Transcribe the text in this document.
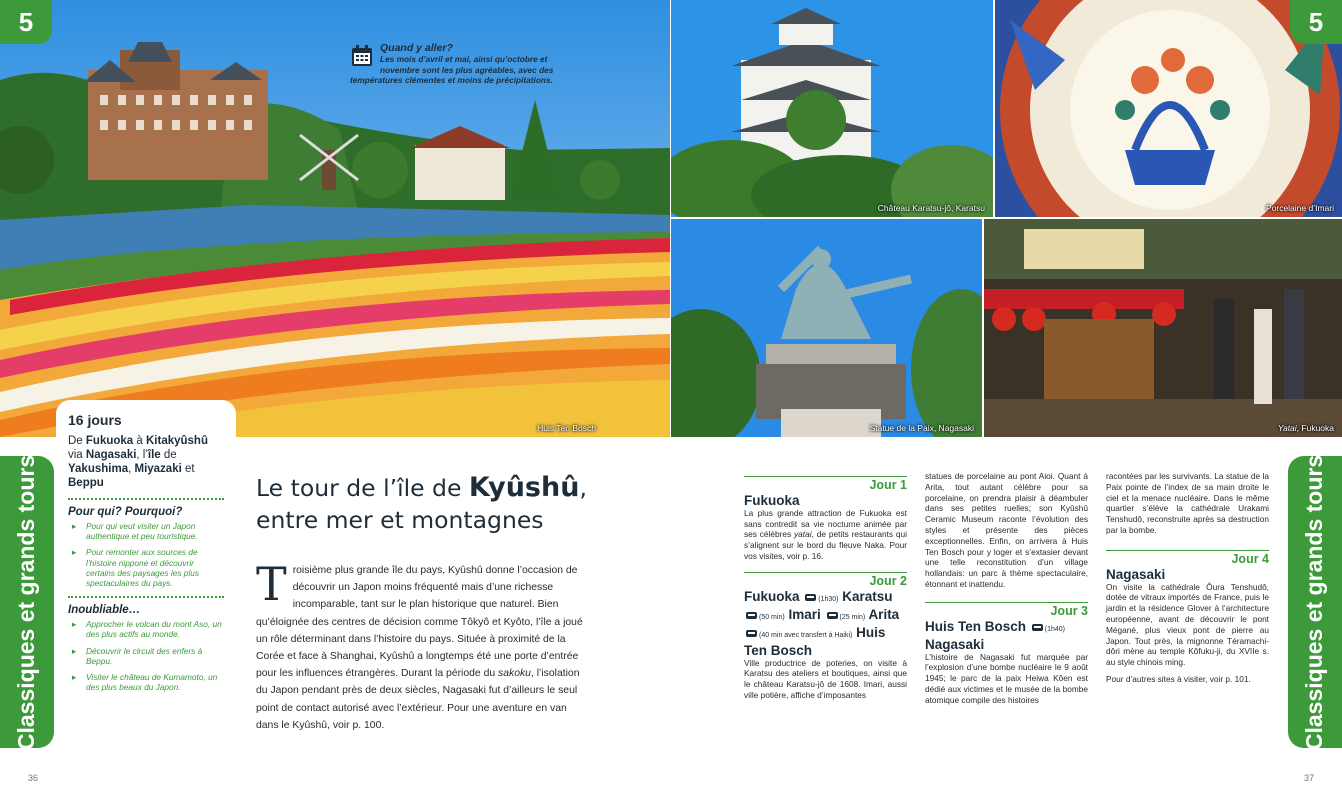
Huis Ten Bosch
Château Karatsu-jô, Karatsu	Porcelaine d’Imari
Statue de la Paix, Nagasaki	Yatai, Fukuoka
5	5
Quand y aller?
Les mois d’avril et mai, ainsi qu’octobre et
novembre sont les plus agréables, avec des
températures clémentes et moins de précipitations.
Classiques et grands tours	Classiques et grands tours
16 jours
De Fukuoka à Kitakyûshû via Nagasaki, l’île de Yakushima, Miyazaki et Beppu
Pour qui? Pourquoi?
▸ Pour qui veut visiter un Japon authentique et peu touristique.
▸ Pour remonter aux sources de l’histoire nippone et découvrir certains des paysages les plus spectaculaires du pays.
Inoubliable…
▸ Approcher le volcan du mont Aso, un des plus actifs au monde.
▸ Découvrir le circuit des enfers à Beppu.
▸ Visiter le château de Kumamoto, un des plus beaux du Japon.
Le tour de l’île de Kyûshû,
entre mer et montagnes
T roisième plus grande île du pays, Kyûshû donne l’occasion de découvrir un Japon moins fréquenté mais d’une richesse incomparable, tant sur le plan historique que naturel. Bien qu’éloignée des centres de décision comme Tôkyô et Kyôto, l’île a joué un rôle déterminant dans l’histoire du pays. Située à proximité de la Corée et face à Shanghai, Kyûshû a longtemps été une porte d’entrée pour les influences étrangères. Durant la période du sakoku, l’isolation du Japon pendant près de deux siècles, Nagasaki fut d’ailleurs le seul point de contact autorisé avec l’extérieur. Pour une aventure en van dans le Kyûshû, voir p. 100.
Jour 1
Fukuoka

La plus grande attraction de Fukuoka est sans contredit sa vie nocturne animée par ses célèbres yatai, de petits restaurants qui s’alignent sur le bord du fleuve Naka. Pour vos visites, voir p. 16.

Jour 2
Fukuoka	(1h30) Karatsu (50 min) Imari	(25 min) Arita (40 min avec transfert à Haiki) Huis Ten Bosch

Ville productrice de poteries, on visite à Karatsu des ateliers et boutiques, ainsi que le château Karatsu-jô de 1608. Imari, aussi ville potière, affiche d’imposantes

statues de porcelaine au pont Aioi. Quant à Arita, tout autant célèbre pour sa porcelaine, on prendra plaisir à déambuler dans ses petites ruelles; son Kyûshû Ceramic Museum raconte l’évolution des styles et présente des pièces exceptionnelles. Enfin, on arrivera à Huis Ten Bosch pour y loger et s’extasier devant une telle reconstitution d’un village hollandais: un parc à thème spectaculaire, étonnant et inattendu.

Jour 3
Huis Ten Bosch	(1h40)
Nagasaki

L’histoire de Nagasaki fut marquée par l’explosion d’une bombe nucléaire le 9 août 1945; le parc de la paix Heiwa Kôen est dédié aux victimes et le musée de la bombe atomique compile des histoires

racontées par les survivants. La statue de la Paix pointe de l’index de sa main droite le ciel et la menace nucléaire. Dans le même quartier s’élève la cathédrale Urakami Tenshudô, reconstruite après sa destruction par la bombe.

Jour 4
Nagasaki

On visite la cathédrale Ôura Tenshudô, dotée de vitraux importés de France, puis le jardin et la résidence Glover à l’architecture européenne, avant de découvrir le pont Mégané, plus vieux pont de pierre au Japon. Tout près, la mignonne Téramachi-dôri mène au temple Kôfuku-ji, du XVIIe s. au style chinois ming.

Pour d’autres sites à visiter, voir p. 101.

36	37
